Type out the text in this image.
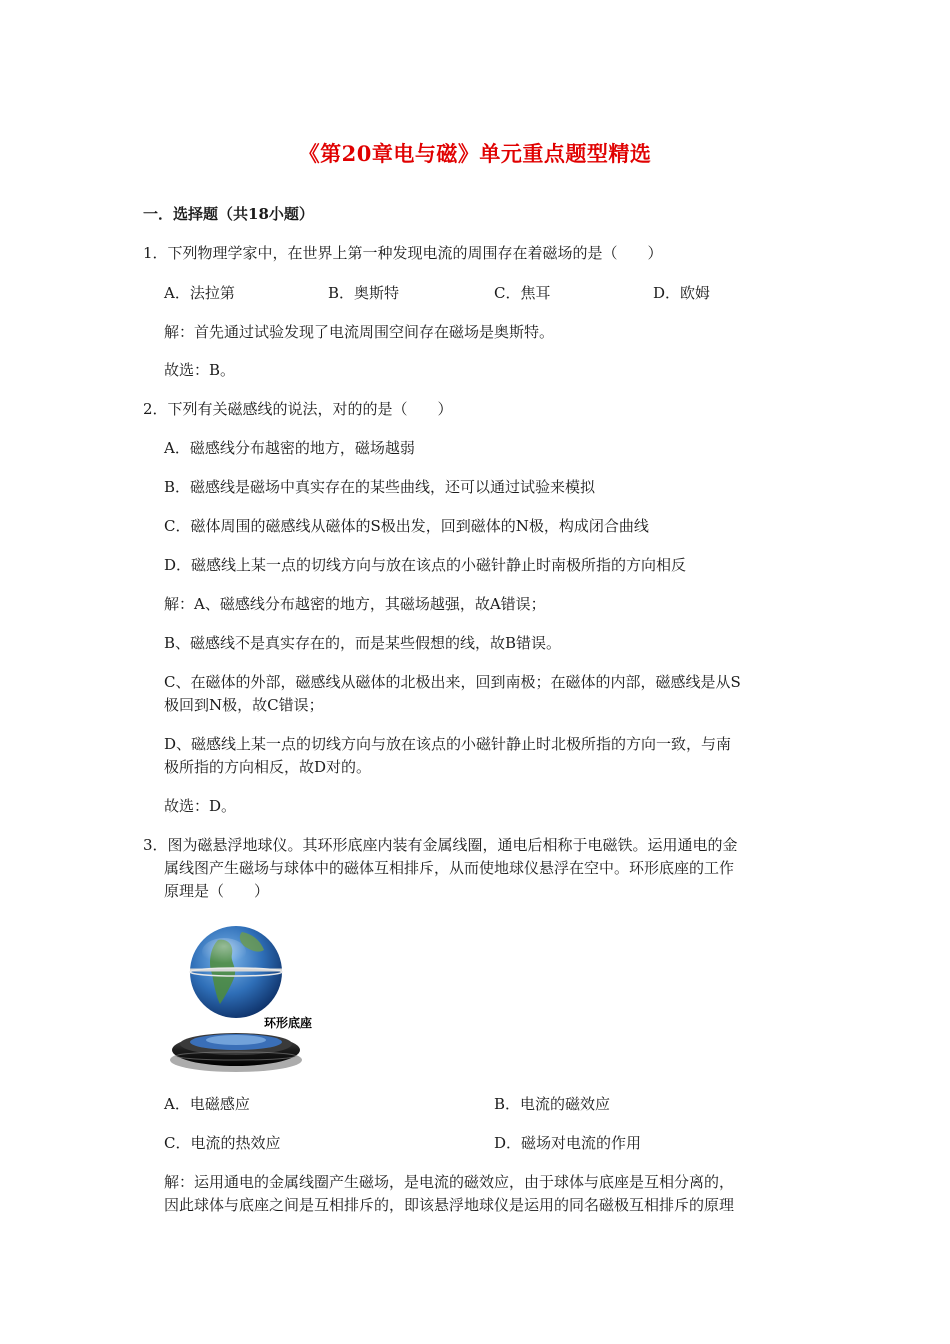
《第20章电与磁》单元重点题型精选
一．选择题（共18小题）
1．下列物理学家中，在世界上第一种发现电流的周围存在着磁场的是（　　）
A．法拉第	B．奥斯特	C．焦耳	D．欧姆
解：首先通过试验发现了电流周围空间存在磁场是奥斯特。
故选：B。
2．下列有关磁感线的说法，对的的是（　　）
A．磁感线分布越密的地方，磁场越弱
B．磁感线是磁场中真实存在的某些曲线，还可以通过试验来模拟
C．磁体周围的磁感线从磁体的S极出发，回到磁体的N极，构成闭合曲线
D．磁感线上某一点的切线方向与放在该点的小磁针静止时南极所指的方向相反
解：A、磁感线分布越密的地方，其磁场越强，故A错误；
B、磁感线不是真实存在的，而是某些假想的线，故B错误。
C、在磁体的外部，磁感线从磁体的北极出来，回到南极；在磁体的内部，磁感线是从S
极回到N极，故C错误；
D、磁感线上某一点的切线方向与放在该点的小磁针静止时北极所指的方向一致，与南
极所指的方向相反，故D对的。
故选：D。
3．图为磁悬浮地球仪。其环形底座内装有金属线圈，通电后相称于电磁铁。运用通电的金
属线图产生磁场与球体中的磁体互相排斥，从而使地球仪悬浮在空中。环形底座的工作
原理是（　　）
环形底座
A．电磁感应	B．电流的磁效应
C．电流的热效应	D．磁场对电流的作用
解：运用通电的金属线圈产生磁场，是电流的磁效应，由于球体与底座是互相分离的，
因此球体与底座之间是互相排斥的，即该悬浮地球仪是运用的同名磁极互相排斥的原理
